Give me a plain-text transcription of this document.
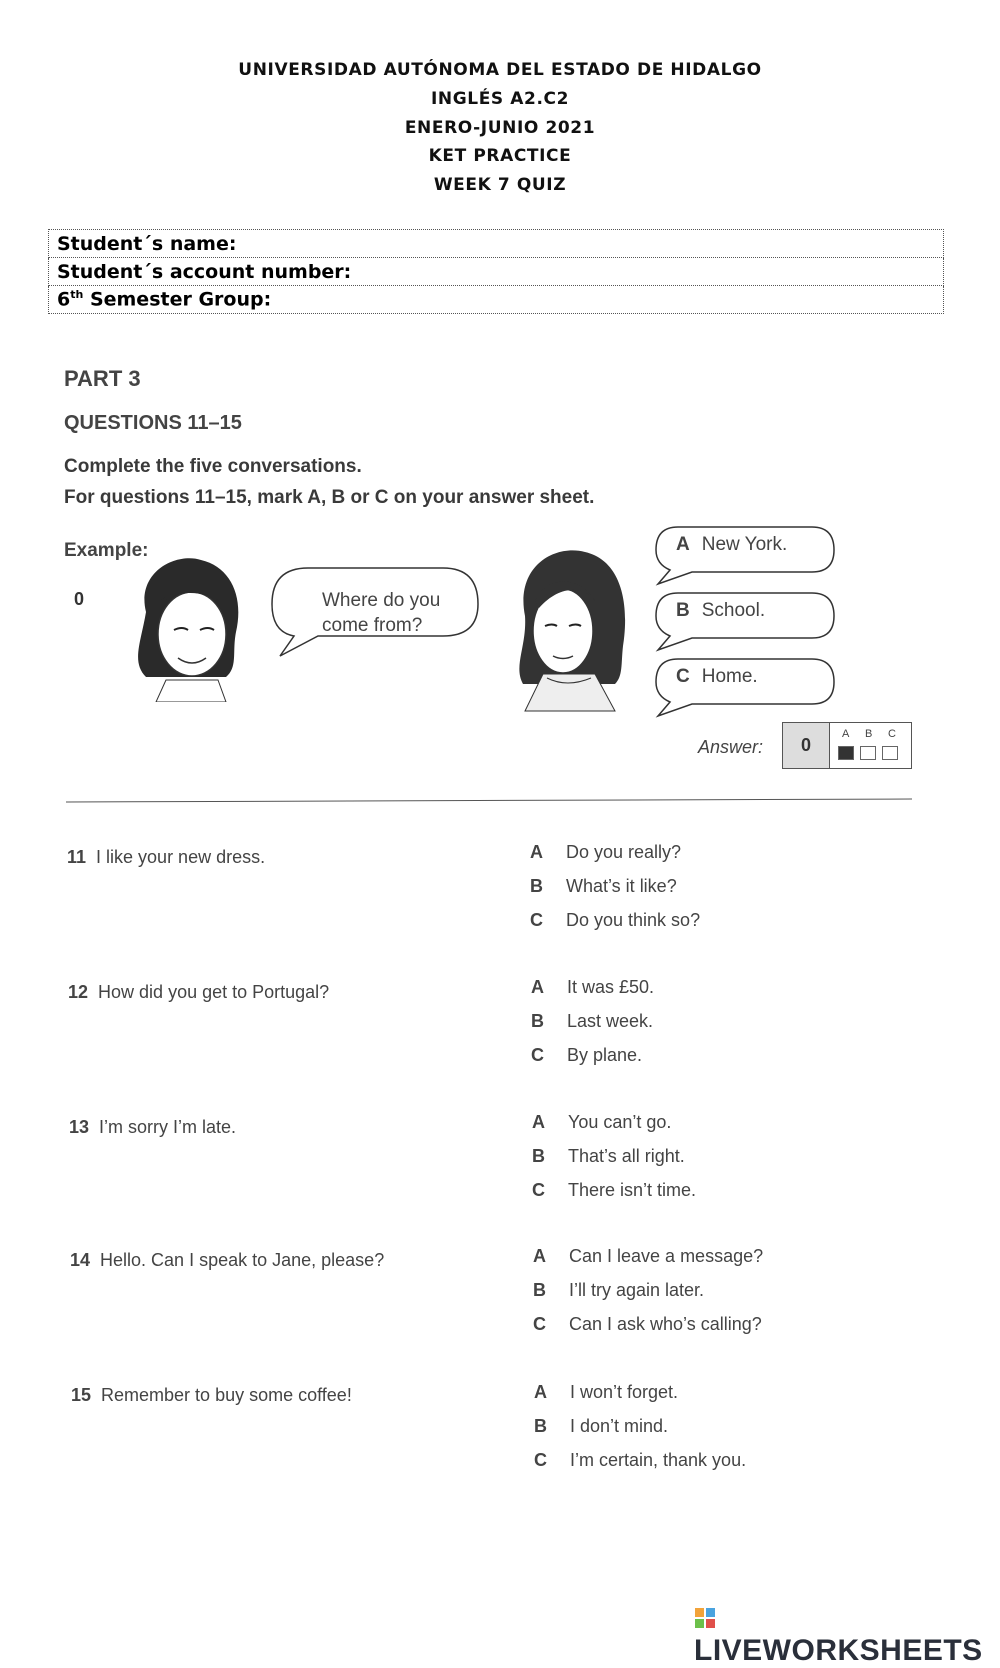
UNIVERSIDAD AUTÓNOMA DEL ESTADO DE HIDALGO
INGLÉS A2.C2
ENERO-JUNIO 2021
KET PRACTICE
WEEK 7 QUIZ
Student´s name:
Student´s account number:
6th Semester Group:
PART 3
QUESTIONS 11–15
Complete the five conversations.
For questions 11–15, mark A, B or C on your answer sheet.
Example:
0	Where do you
come from?
A New York.
B School.
C Home.
Answer:	0
A B C
11 I like your new dress.	A Do you really?
B What’s it like?
C Do you think so?
12 How did you get to Portugal?	A It was £50.
B Last week.
C By plane.
13 I’m sorry I’m late.	A You can’t go.
B That’s all right.
C There isn’t time.
14 Hello. Can I speak to Jane, please?	A Can I leave a message?
B I’ll try again later.
C Can I ask who’s calling?
15 Remember to buy some coffee!	A I won’t forget.
B I don’t mind.
C I’m certain, thank you.
LIVEWORKSHEETS
